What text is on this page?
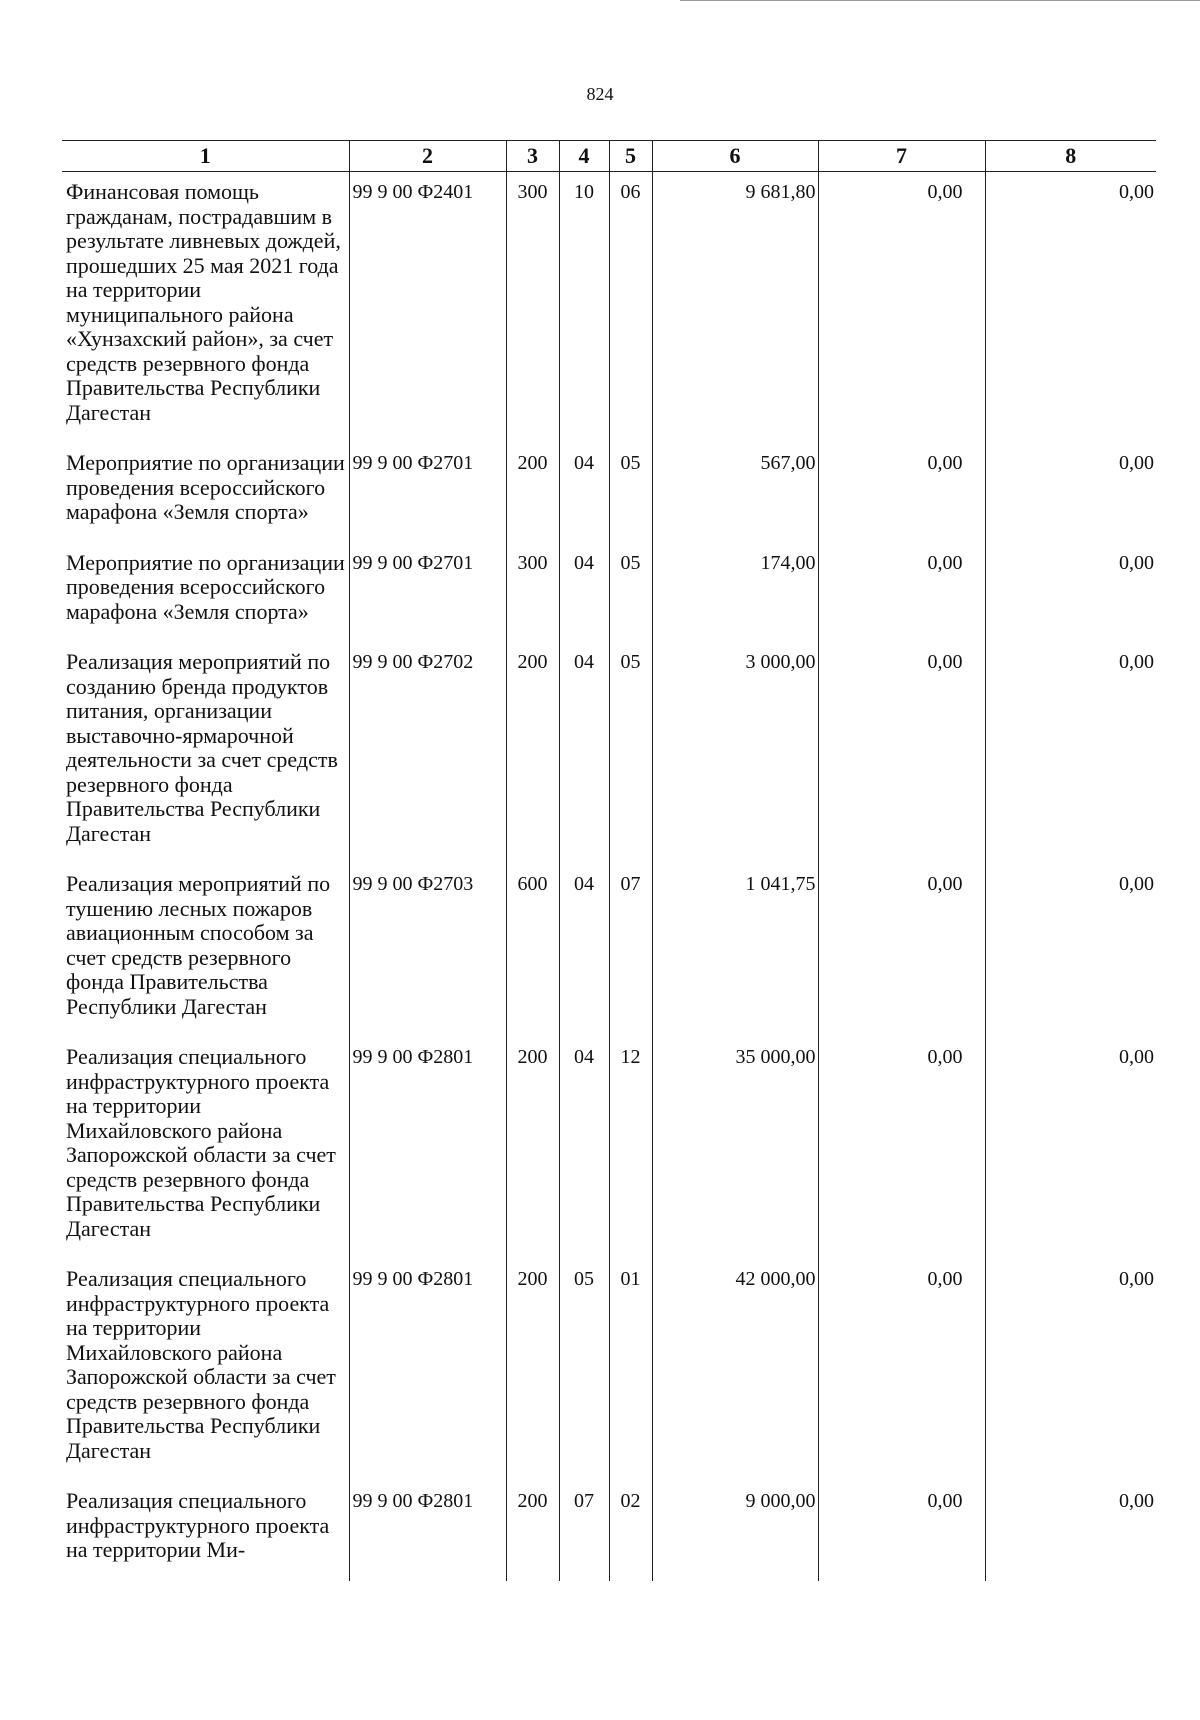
824
1	2	3	4	5	6	7	8
Финансовая помощь гражданам, пострадавшим в результате ливневых дождей, прошедших 25 мая 2021 года на территории муниципального района «Хунзахский район», за счет средств резервного фонда Правительства Республики Дагестан	99 9 00 Ф2401	300	10	06	9 681,80	0,00	0,00
Мероприятие по организации проведения всероссийского марафона «Земля спорта»	99 9 00 Ф2701	200	04	05	567,00	0,00	0,00
Мероприятие по организации проведения всероссийского марафона «Земля спорта»	99 9 00 Ф2701	300	04	05	174,00	0,00	0,00
Реализация мероприятий по созданию бренда продуктов питания, организации выставочно-ярмарочной деятельности за счет средств резервного фонда Правительства Республики Дагестан	99 9 00 Ф2702	200	04	05	3 000,00	0,00	0,00
Реализация мероприятий по тушению лесных пожаров авиационным способом за счет средств резервного фонда Правительства Республики Дагестан	99 9 00 Ф2703	600	04	07	1 041,75	0,00	0,00
Реализация специального инфраструктурного проекта на территории Михайловского района Запорожской области за счет средств резервного фонда Правительства Республики Дагестан	99 9 00 Ф2801	200	04	12	35 000,00	0,00	0,00
Реализация специального инфраструктурного проекта на территории Михайловского района Запорожской области за счет средств резервного фонда Правительства Республики Дагестан	99 9 00 Ф2801	200	05	01	42 000,00	0,00	0,00
Реализация специального инфраструктурного проекта на территории Ми-	99 9 00 Ф2801	200	07	02	9 000,00	0,00	0,00
